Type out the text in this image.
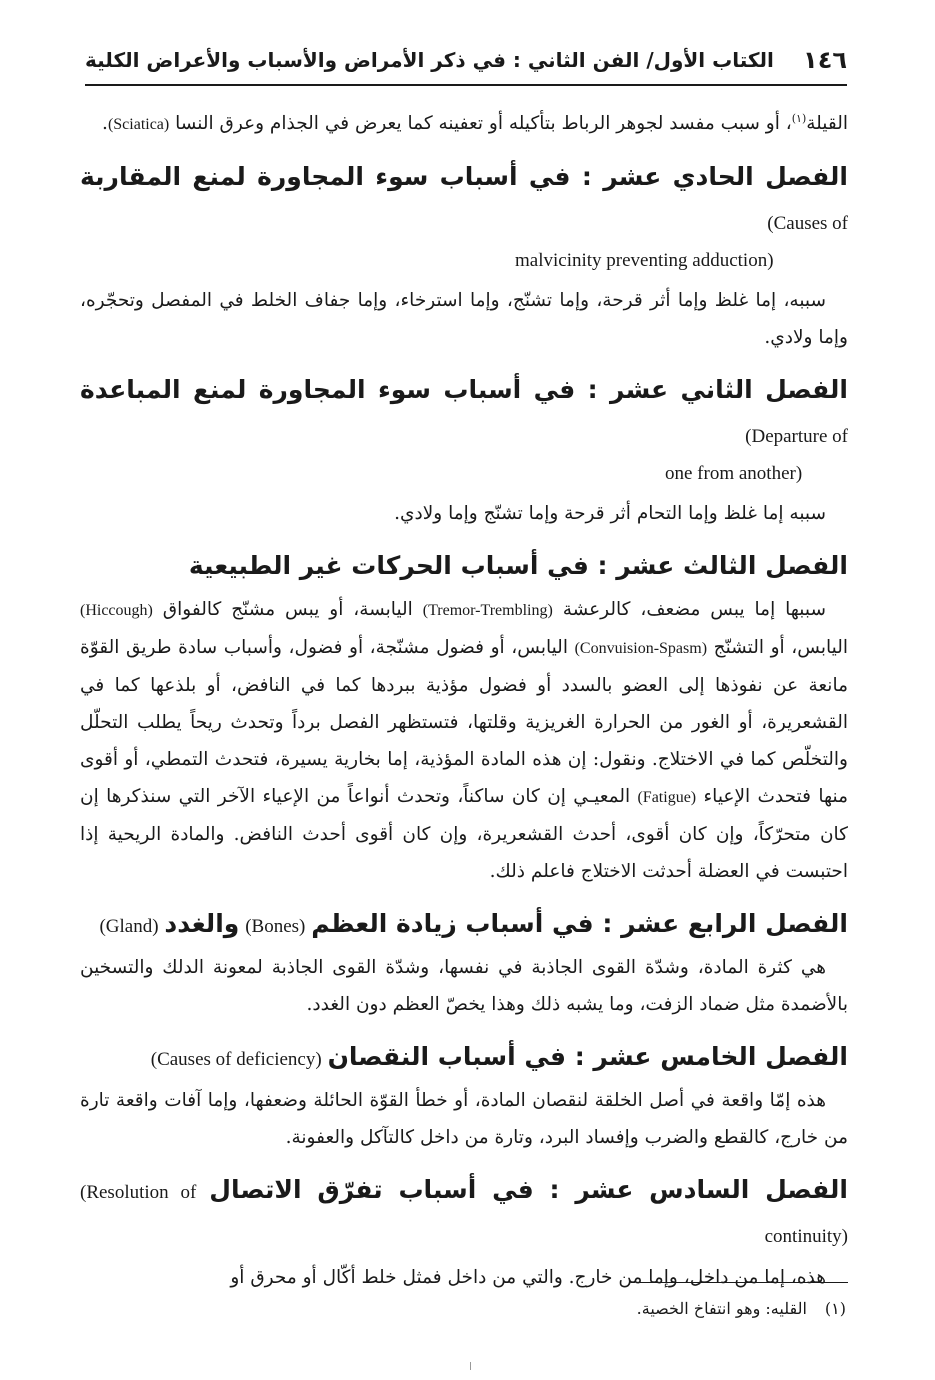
١٤٦
الكتاب الأول/ الفن الثاني : في ذكر الأمراض والأسباب والأعراض الكلية

القيلة$^{(١)}$، أو سبب مفسد لجوهر الرباط بتأكيله أو تعفينه كما يعرض في الجذام وعرق النسا (Sciatica).

الفصل الحادي عشر : في أسباب سوء المجاورة لمنع المقاربة (Causes of

malvicinity preventing adduction)

سببه، إما غلظ وإما أثر قرحة، وإما تشنّج، وإما استرخاء، وإما جفاف الخلط في المفصل وتحجّره، وإما ولادي.

الفصل الثاني عشر : في أسباب سوء المجاورة لمنع المباعدة (Departure of

one from another)

سببه إما غلظ وإما التحام أثر قرحة وإما تشنّج وإما ولادي.

الفصل الثالث عشر : في أسباب الحركات غير الطبيعية

سببها إما يبس مضعف، كالرعشة (Tremor-Trembling) اليابسة، أو يبس مشنّج كالفواق (Hiccough) اليابس، أو التشنّج (Convuision-Spasm) اليابس، أو فضول مشنّجة، أو فضول، وأسباب سادة طريق القوّة مانعة عن نفوذها إلى العضو بالسدد أو فضول مؤذية ببردها كما في النافض، أو بلذعها كما في القشعريرة، أو الغور من الحرارة الغريزية وقلتها، فتستظهر الفصل برداً وتحدث ريحاً يطلب التحلّل والتخلّص كما في الاختلاج. ونقول: إن هذه المادة المؤذية، إما بخارية يسيرة، فتحدث التمطي، أو أقوى منها فتحدث الإعياء (Fatigue) المعيـي إن كان ساكناً، وتحدث أنواعاً من الإعياء الآخر التي سنذكرها إن كان متحرّكاً، وإن كان أقوى، أحدث القشعريرة، وإن كان أقوى أحدث النافض. والمادة الريحية إذا احتبست في العضلة أحدثت الاختلاج فاعلم ذلك.

الفصل الرابع عشر : في أسباب زيادة العظم (Bones) والغدد (Gland)

هي كثرة المادة، وشدّة القوى الجاذبة في نفسها، وشدّة القوى الجاذبة لمعونة الدلك والتسخين بالأضمدة مثل ضماد الزفت، وما يشبه ذلك وهذا يخصّ العظم دون الغدد.

الفصل الخامس عشر : في أسباب النقصان (Causes of deficiency)

هذه إمّا واقعة في أصل الخلقة لنقصان المادة، أو خطأ القوّة الحائلة وضعفها، وإما آفات واقعة تارة من خارج، كالقطع والضرب وإفساد البرد، وتارة من داخل كالتآكل والعفونة.

الفصل السادس عشر : في أسباب تفرّق الاتصال (Resolution of continuity)

هذه، إما من داخل، وإما من خارج. والتي من داخل فمثل خلط أكّال أو محرق أو

(١)القليه: وهو انتفاخ الخصية.
